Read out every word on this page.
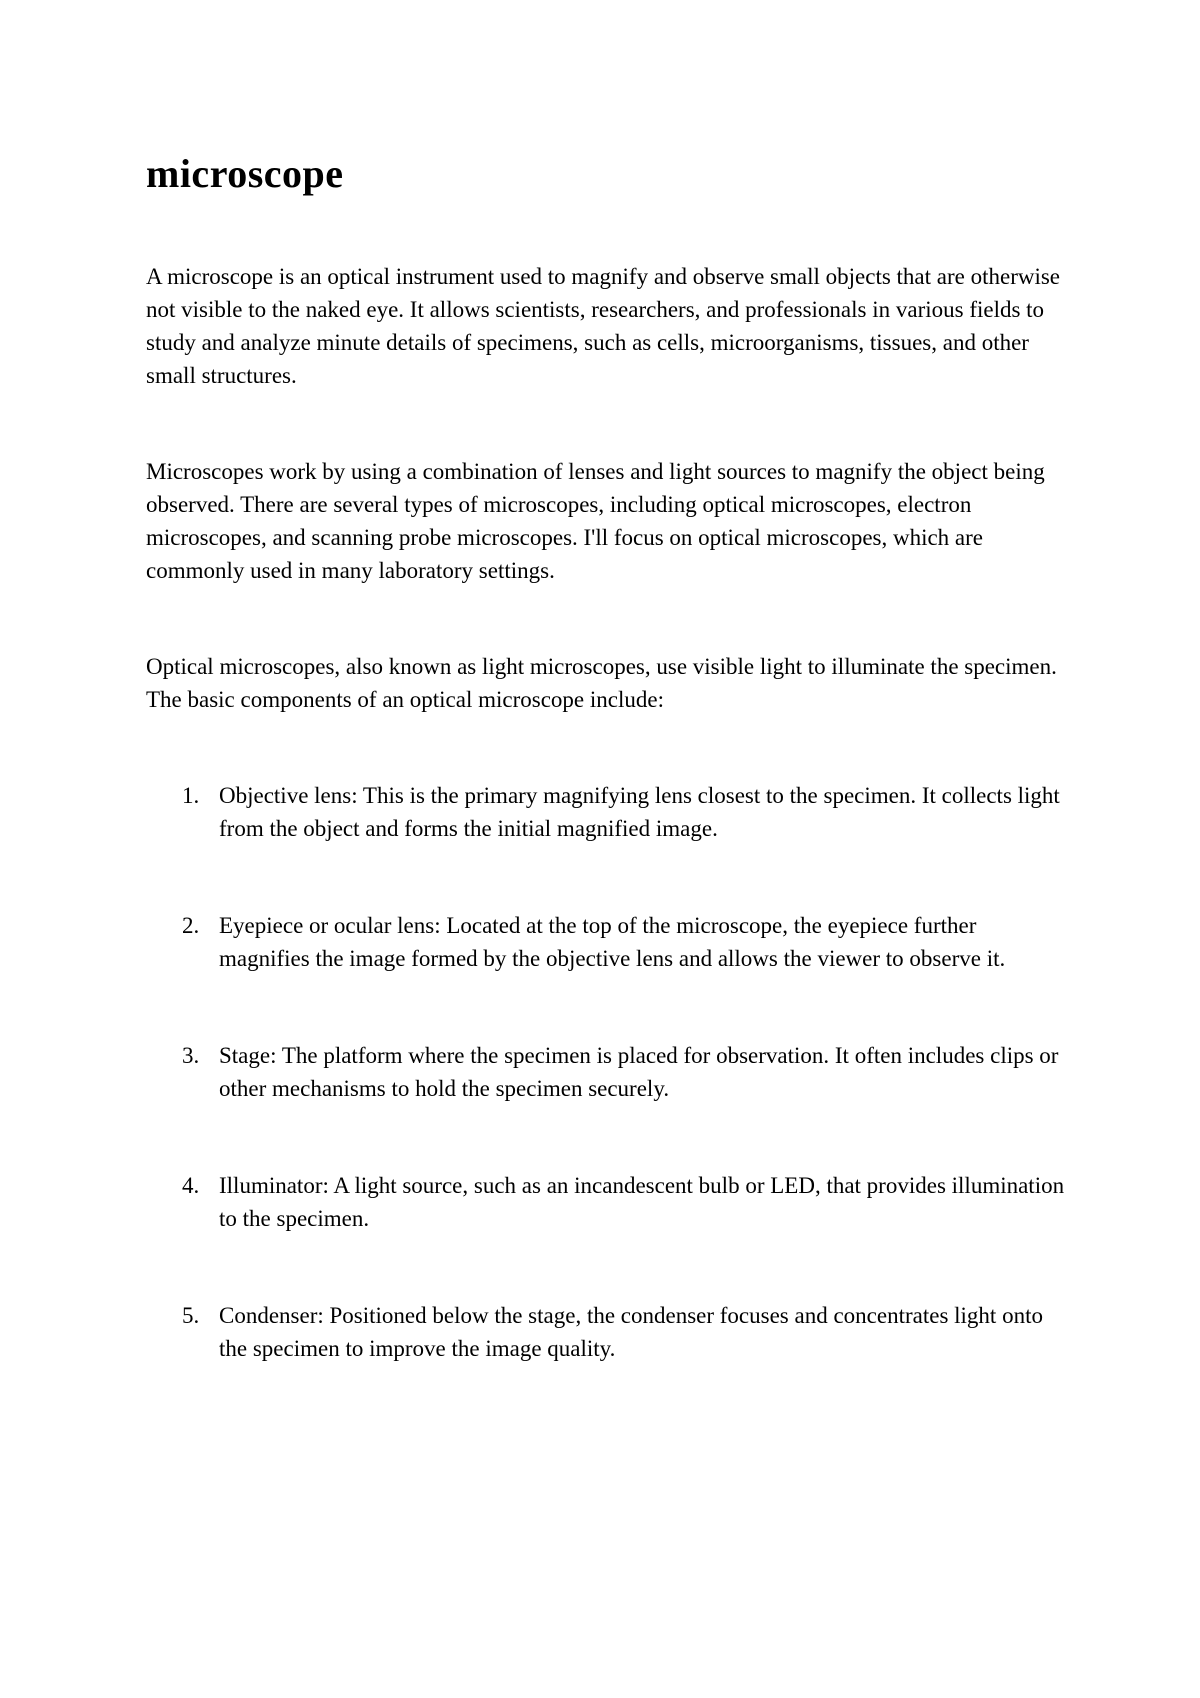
microscope

A microscope is an optical instrument used to magnify and observe small objects that are otherwise not visible to the naked eye. It allows scientists, researchers, and professionals in various fields to study and analyze minute details of specimens, such as cells, microorganisms, tissues, and other small structures.

Microscopes work by using a combination of lenses and light sources to magnify the object being observed. There are several types of microscopes, including optical microscopes, electron microscopes, and scanning probe microscopes. I'll focus on optical microscopes, which are commonly used in many laboratory settings.

Optical microscopes, also known as light microscopes, use visible light to illuminate the specimen. The basic components of an optical microscope include:

1. Objective lens: This is the primary magnifying lens closest to the specimen. It collects light from the object and forms the initial magnified image.
2. Eyepiece or ocular lens: Located at the top of the microscope, the eyepiece further magnifies the image formed by the objective lens and allows the viewer to observe it.
3. Stage: The platform where the specimen is placed for observation. It often includes clips or other mechanisms to hold the specimen securely.
4. Illuminator: A light source, such as an incandescent bulb or LED, that provides illumination to the specimen.
5. Condenser: Positioned below the stage, the condenser focuses and concentrates light onto the specimen to improve the image quality.
